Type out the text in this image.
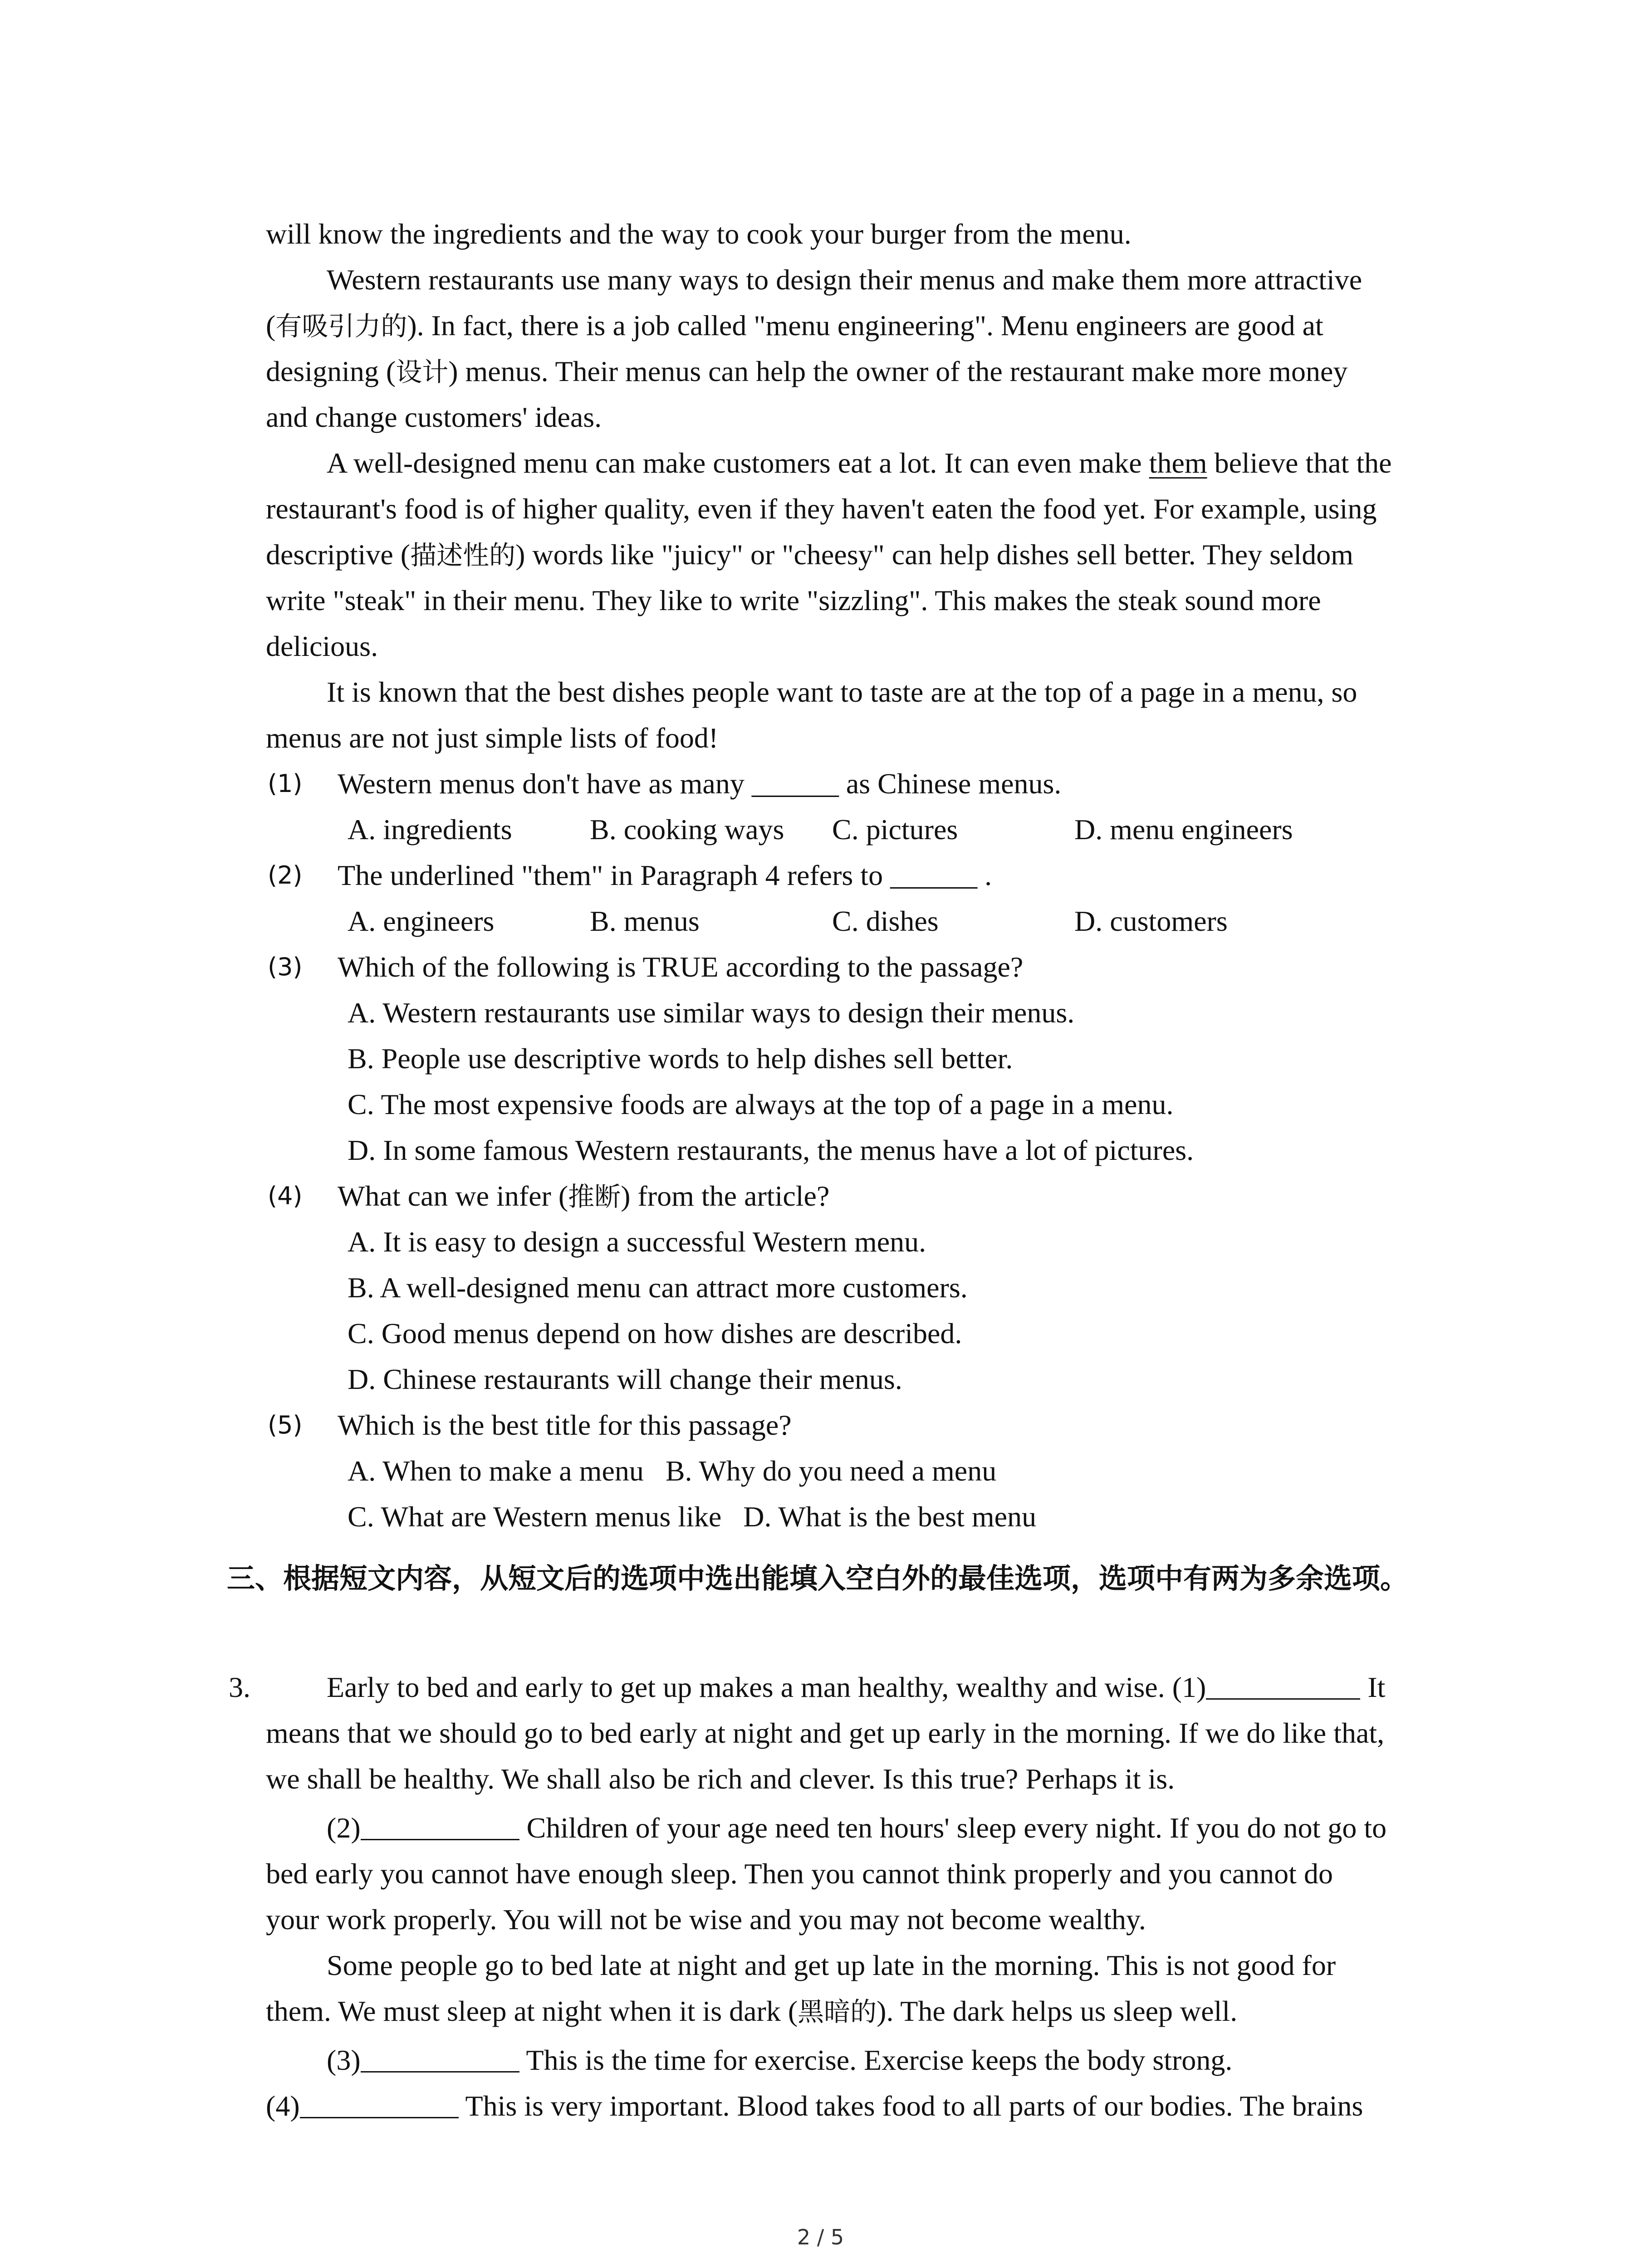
will know the ingredients and the way to cook your burger from the menu.
Western restaurants use many ways to design their menus and make them more attractive
(有吸引力的). In fact, there is a job called "menu engineering". Menu engineers are good at
designing (设计) menus. Their menus can help the owner of the restaurant make more money
and change customers' ideas.
A well-designed menu can make customers eat a lot. It can even make them believe that the
restaurant's food is of higher quality, even if they haven't eaten the food yet. For example, using
descriptive (描述性的) words like "juicy" or "cheesy" can help dishes sell better. They seldom
write "steak" in their menu. They like to write "sizzling". This makes the steak sound more
delicious.
It is known that the best dishes people want to taste are at the top of a page in a menu, so
menus are not just simple lists of food!
(1) Western menus don't have as many ______ as Chinese menus.
A. ingredients	B. cooking ways C. pictures	D. menu engineers
(2) The underlined "them" in Paragraph 4 refers to ______ .
A. engineers	B. menus	C. dishes	D. customers
(3) Which of the following is TRUE according to the passage?
A. Western restaurants use similar ways to design their menus.
B. People use descriptive words to help dishes sell better.
C. The most expensive foods are always at the top of a page in a menu.
D. In some famous Western restaurants, the menus have a lot of pictures.
(4) What can we infer (推断) from the article?
A. It is easy to design a successful Western menu.
B. A well-designed menu can attract more customers.
C. Good menus depend on how dishes are described.
D. Chinese restaurants will change their menus.
(5) Which is the best title for this passage?
A. When to make a menu   B. Why do you need a menu
C. What are Western menus like   D. What is the best menu
三、根据短文内容，从短文后的选项中选出能填入空白外的最佳选项，选项中有两为多余选项。
3.	Early to bed and early to get up makes a man healthy, wealthy and wise. (1)	It
means that we should go to bed early at night and get up early in the morning. If we do like that,
we shall be healthy. We shall also be rich and clever. Is this true? Perhaps it is.
(2)	Children of your age need ten hours' sleep every night. If you do not go to
bed early you cannot have enough sleep. Then you cannot think properly and you cannot do
your work properly. You will not be wise and you may not become wealthy.
Some people go to bed late at night and get up late in the morning. This is not good for
them. We must sleep at night when it is dark (黑暗的). The dark helps us sleep well.
(3)	This is the time for exercise. Exercise keeps the body strong.
(4)	This is very important. Blood takes food to all parts of our bodies. The brains
2 / 5
